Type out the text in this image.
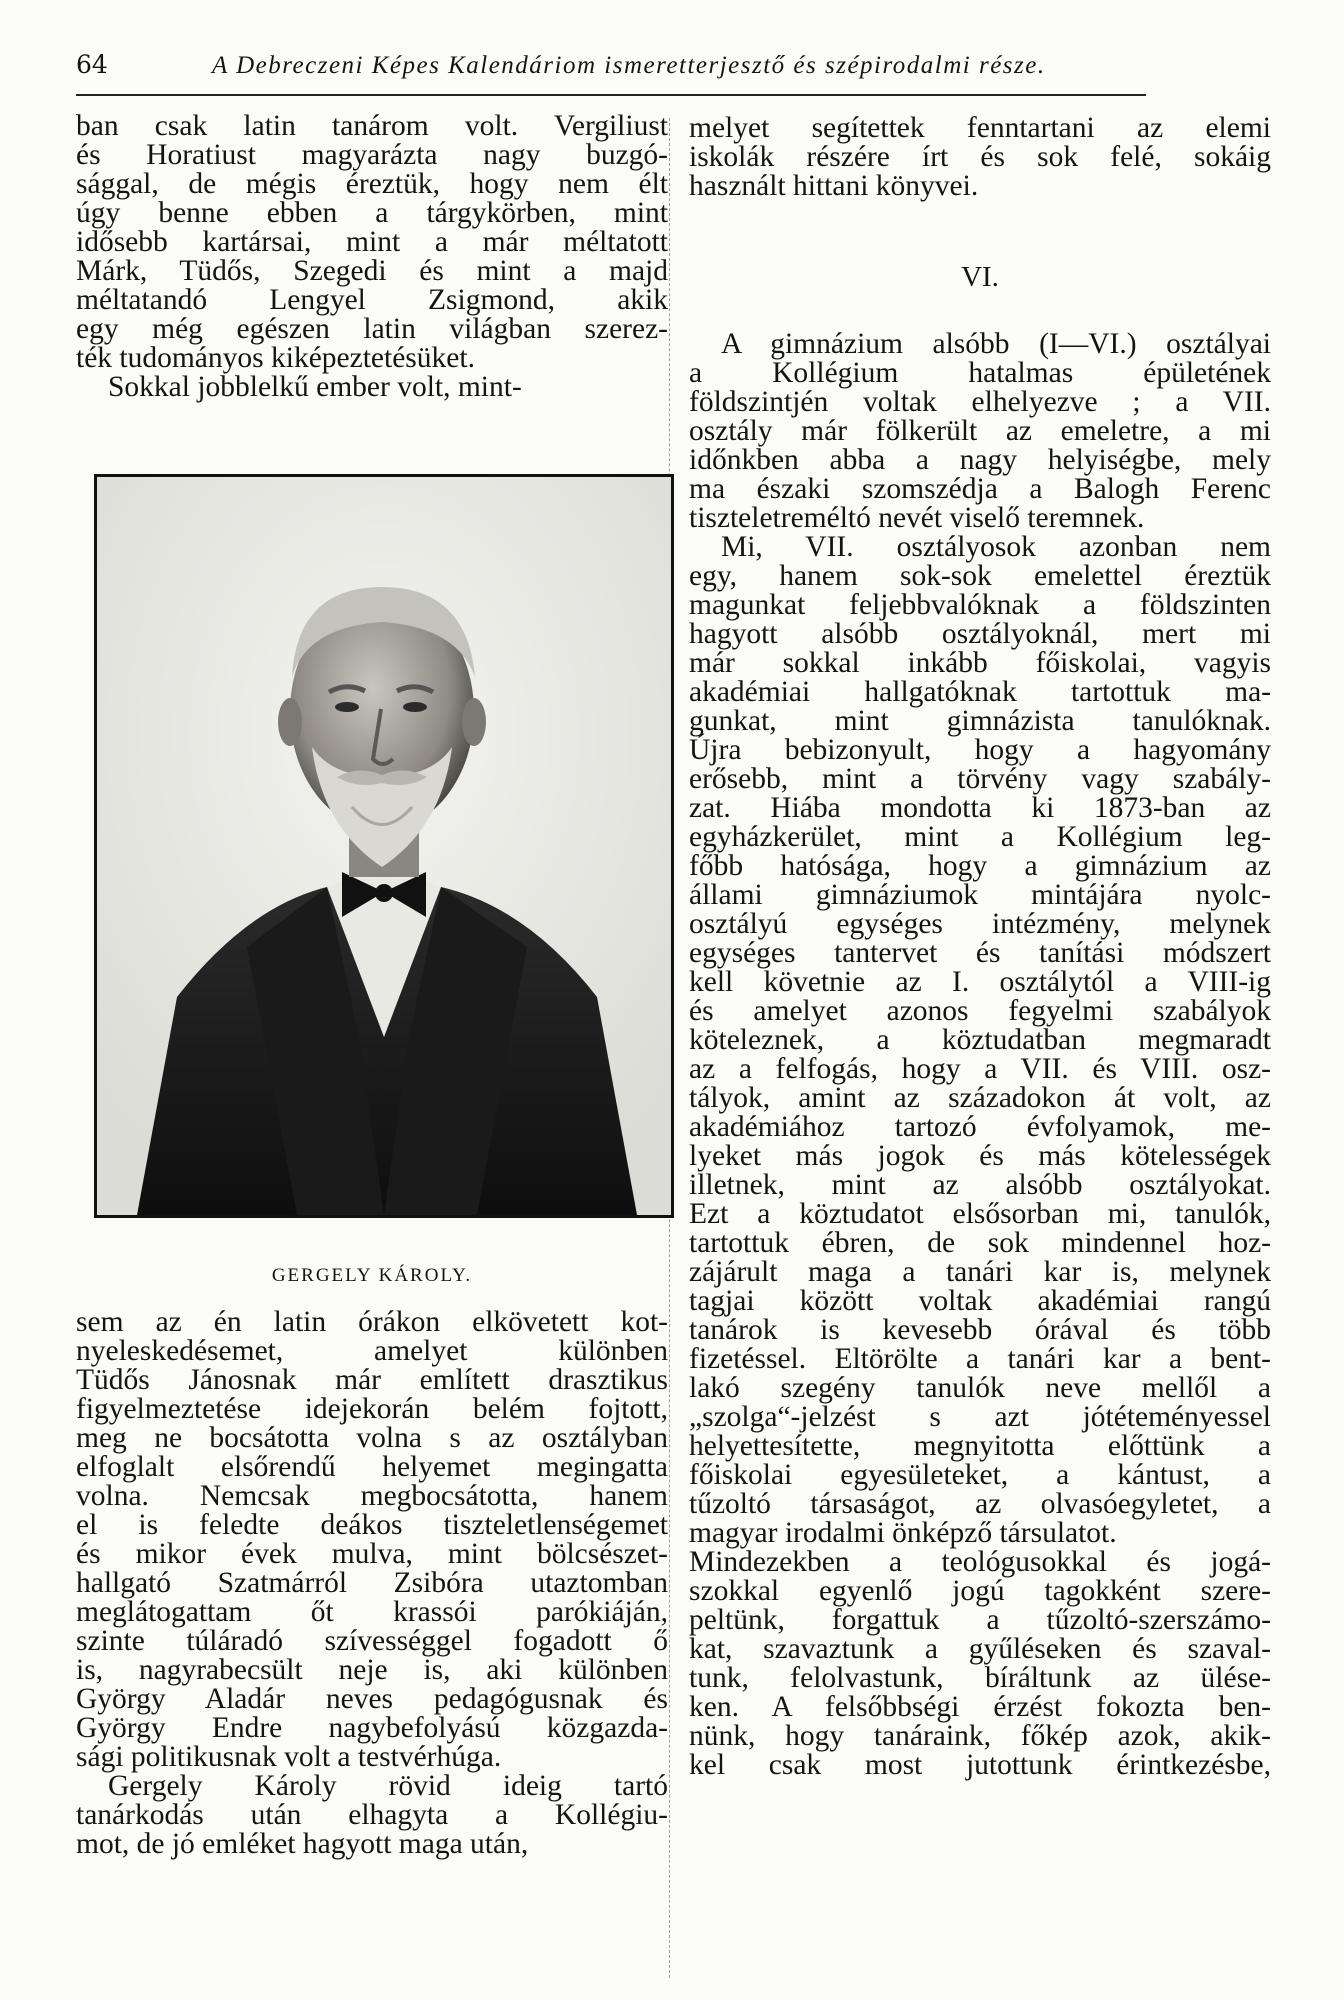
64	A Debreczeni Képes Kalendáriom ismeretterjesztő és szépirodalmi része.
ban csak latin tanárom volt. Vergiliust
és Horatiust magyarázta nagy buzgó-
sággal, de mégis éreztük, hogy nem élt
úgy benne ebben a tárgykörben, mint
idősebb kartársai, mint a már méltatott
Márk, Tüdős, Szegedi és mint a majd
méltatandó Lengyel Zsigmond, akik
egy még egészen latin világban szerez-
ték tudományos kiképeztetésüket.
Sokkal jobblelkű ember volt, mint-
GERGELY KÁROLY.
sem az én latin órákon elkövetett kot-
nyeleskedésemet, amelyet különben
Tüdős Jánosnak már említett drasztikus
figyelmeztetése idejekorán belém fojtott,
meg ne bocsátotta volna s az osztályban
elfoglalt elsőrendű helyemet megingatta
volna. Nemcsak megbocsátotta, hanem
el is feledte deákos tiszteletlenségemet
és mikor évek mulva, mint bölcsészet-
hallgató Szatmárról Zsibóra utaztomban
meglátogattam őt krassói parókiáján,
szinte túláradó szívességgel fogadott ő
is, nagyrabecsült neje is, aki különben
György Aladár neves pedagógusnak és
György Endre nagybefolyású közgazda-
sági politikusnak volt a testvérhúga.
Gergely Károly rövid ideig tartó
tanárkodás után elhagyta a Kollégiu-
mot, de jó emléket hagyott maga után,
melyet segítettek fenntartani az elemi
iskolák részére írt és sok felé, sokáig
használt hittani könyvei.

VI.

A gimnázium alsóbb (I—VI.) osztályai
a Kollégium hatalmas épületének
földszintjén voltak elhelyezve ; a VII.
osztály már fölkerült az emeletre, a mi
időnkben abba a nagy helyiségbe, mely
ma északi szomszédja a Balogh Ferenc
tiszteletreméltó nevét viselő teremnek.
Mi, VII. osztályosok azonban nem
egy, hanem sok-sok emelettel éreztük
magunkat feljebbvalóknak a földszinten
hagyott alsóbb osztályoknál, mert mi
már sokkal inkább főiskolai, vagyis
akadémiai hallgatóknak tartottuk ma-
gunkat, mint gimnázista tanulóknak.
Újra bebizonyult, hogy a hagyomány
erősebb, mint a törvény vagy szabály-
zat. Hiába mondotta ki 1873-ban az
egyházkerület, mint a Kollégium leg-
főbb hatósága, hogy a gimnázium az
állami gimnáziumok mintájára nyolc-
osztályú egységes intézmény, melynek
egységes tantervet és tanítási módszert
kell követnie az I. osztálytól a VIII-ig
és amelyet azonos fegyelmi szabályok
köteleznek, a köztudatban megmaradt
az a felfogás, hogy a VII. és VIII. osz-
tályok, amint az századokon át volt, az
akadémiához tartozó évfolyamok, me-
lyeket más jogok és más kötelességek
illetnek, mint az alsóbb osztályokat.
Ezt a köztudatot elsősorban mi, tanulók,
tartottuk ébren, de sok mindennel hoz-
zájárult maga a tanári kar is, melynek
tagjai között voltak akadémiai rangú
tanárok is kevesebb órával és több
fizetéssel. Eltörölte a tanári kar a bent-
lakó szegény tanulók neve mellől a
„szolga“-jelzést s azt jótéteményessel
helyettesítette, megnyitotta előttünk a
főiskolai egyesületeket, a kántust, a
tűzoltó társaságot, az olvasóegyletet, a
magyar irodalmi önképző társulatot.
Mindezekben a teológusokkal és jogá-
szokkal egyenlő jogú tagokként szere-
peltünk, forgattuk a tűzoltó-szerszámo-
kat, szavaztunk a gyűléseken és szaval-
tunk, felolvastunk, bíráltunk az ülése-
ken. A felsőbbségi érzést fokozta ben-
nünk, hogy tanáraink, főkép azok, akik-
kel csak most jutottunk érintkezésbe,
